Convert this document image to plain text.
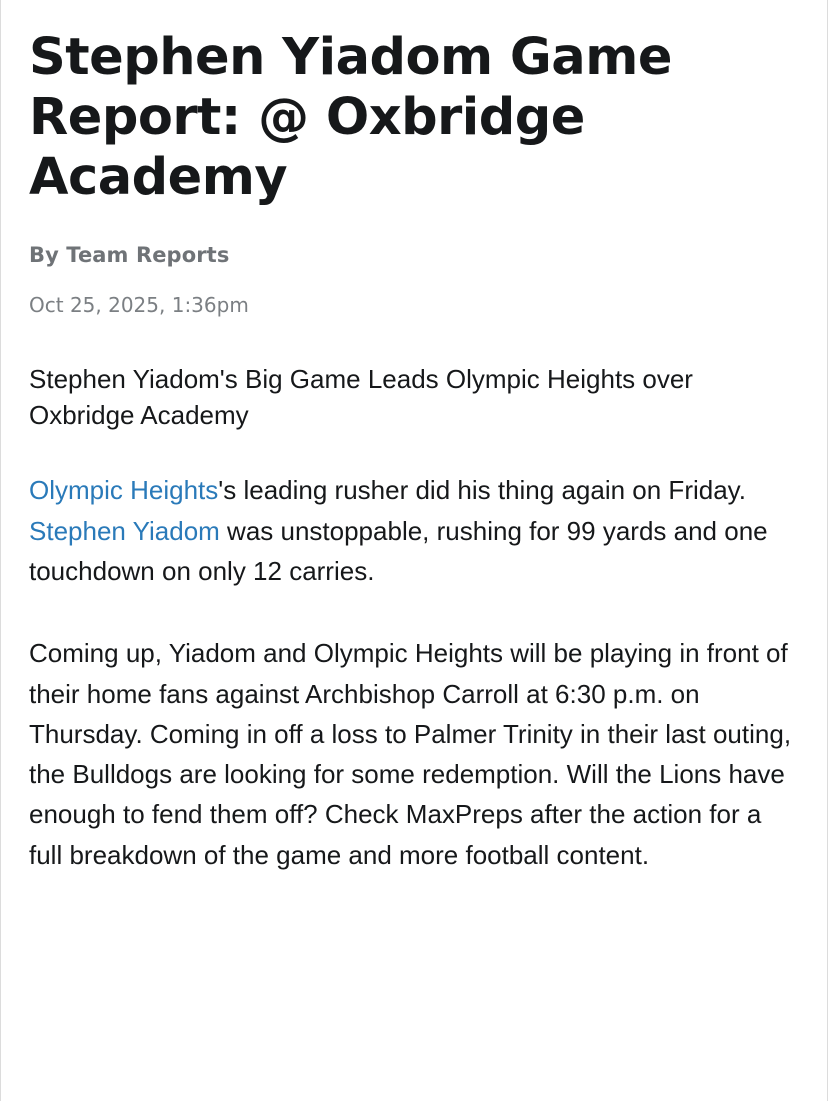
Stephen Yiadom Game Report: @ Oxbridge Academy
By Team Reports
Oct 25, 2025, 1:36pm
Stephen Yiadom's Big Game Leads Olympic Heights over Oxbridge Academy

Olympic Heights's leading rusher did his thing again on Friday. Stephen Yiadom was unstoppable, rushing for 99 yards and one touchdown on only 12 carries.

Coming up, Yiadom and Olympic Heights will be playing in front of their home fans against Archbishop Carroll at 6:30 p.m. on Thursday. Coming in off a loss to Palmer Trinity in their last outing, the Bulldogs are looking for some redemption. Will the Lions have enough to fend them off? Check MaxPreps after the action for a full breakdown of the game and more football content.
